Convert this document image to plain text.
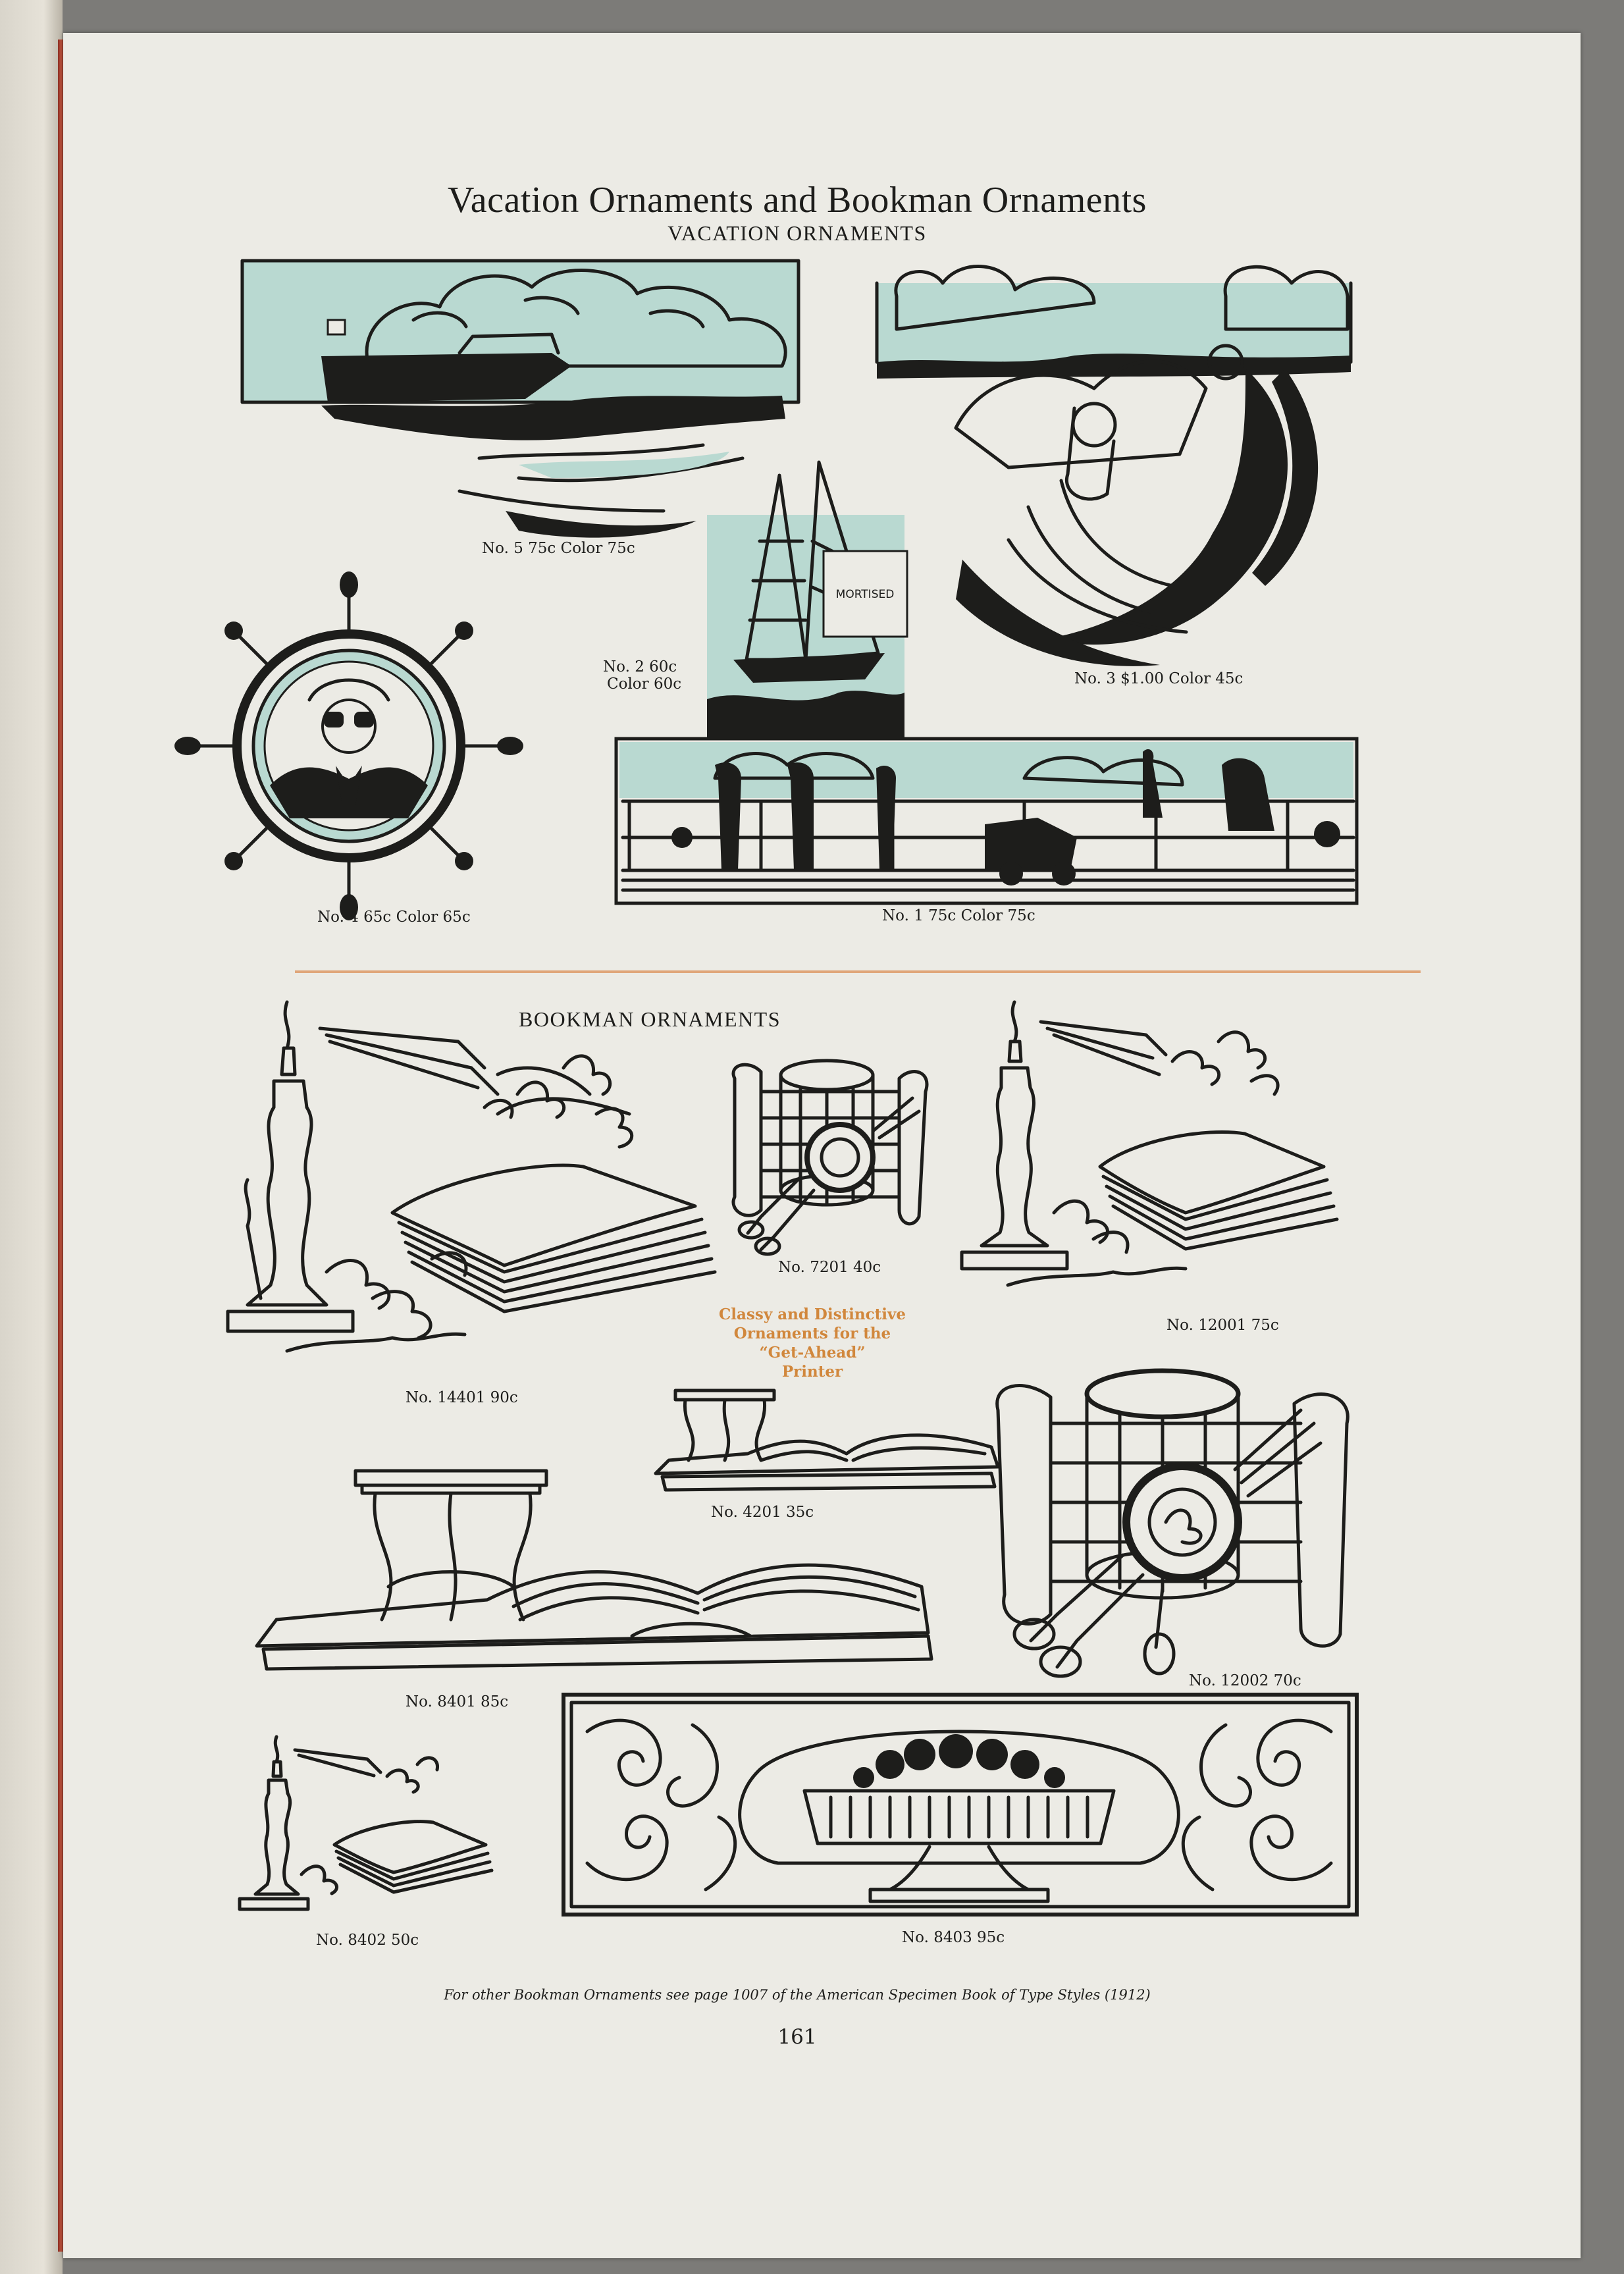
Vacation Ornaments and Bookman Ornaments
VACATION ORNAMENTS
No. 5 75c Color 75c
MORTISED
No. 2 60c
Color 60c	No. 3 $1.00 Color 45c
No. 4 65c Color 65c	No. 1 75c Color 75c
BOOKMAN ORNAMENTS
No. 14401 90c
No. 7201 40c
Classy and Distinctive
Ornaments for the
“Get-Ahead”
Printer
No. 12001 75c
No. 4201 35c
No. 8401 85c
No. 12002 70c
No. 8402 50c	No. 8403 95c
For other Bookman Ornaments see page 1007 of the American Specimen Book of Type Styles (1912)
161
